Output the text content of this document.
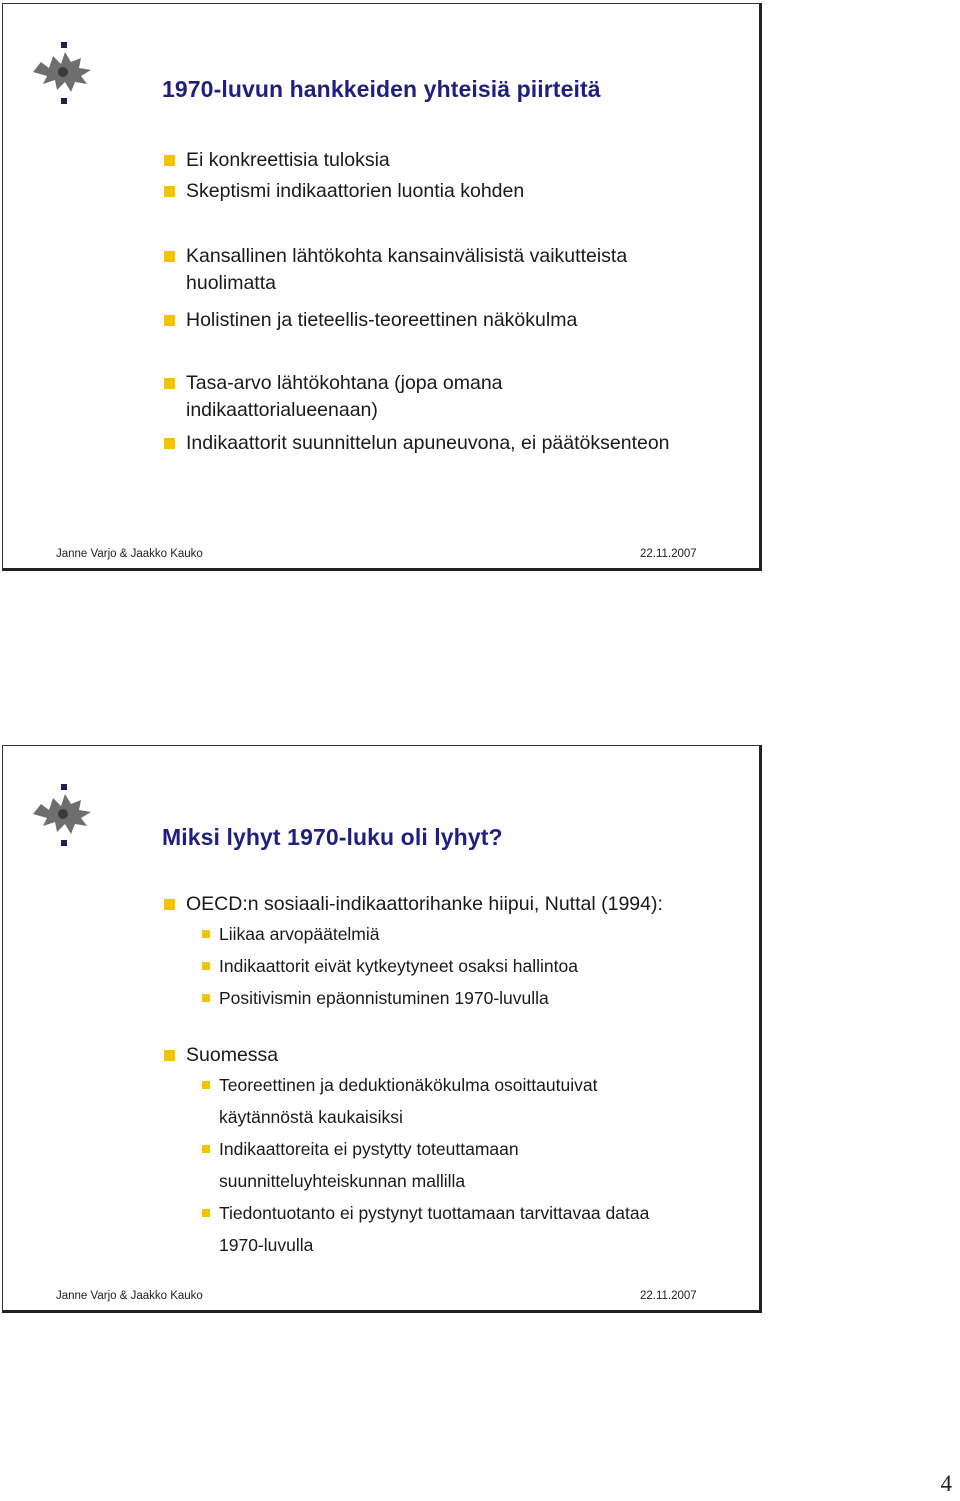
1970-luvun hankkeiden yhteisiä piirteitä
Ei konkreettisia tuloksia
Skeptismi indikaattorien luontia kohden
Kansallinen lähtökohta kansainvälisistä vaikutteista
huolimatta
Holistinen ja tieteellis-teoreettinen näkökulma
Tasa-arvo lähtökohtana (jopa omana
indikaattorialueenaan)
Indikaattorit suunnittelun apuneuvona, ei päätöksenteon
Janne Varjo & Jaakko Kauko	22.11.2007
Miksi lyhyt 1970-luku oli lyhyt?
OECD:n sosiaali-indikaattorihanke hiipui, Nuttal (1994):
Liikaa arvopäätelmiä
Indikaattorit eivät kytkeytyneet osaksi hallintoa
Positivismin epäonnistuminen 1970-luvulla
Suomessa
Teoreettinen ja deduktionäkökulma osoittautuivat
käytännöstä kaukaisiksi
Indikaattoreita ei pystytty toteuttamaan
suunnitteluyhteiskunnan mallilla
Tiedontuotanto ei pystynyt tuottamaan tarvittavaa dataa
1970-luvulla
Janne Varjo & Jaakko Kauko	22.11.2007
4
